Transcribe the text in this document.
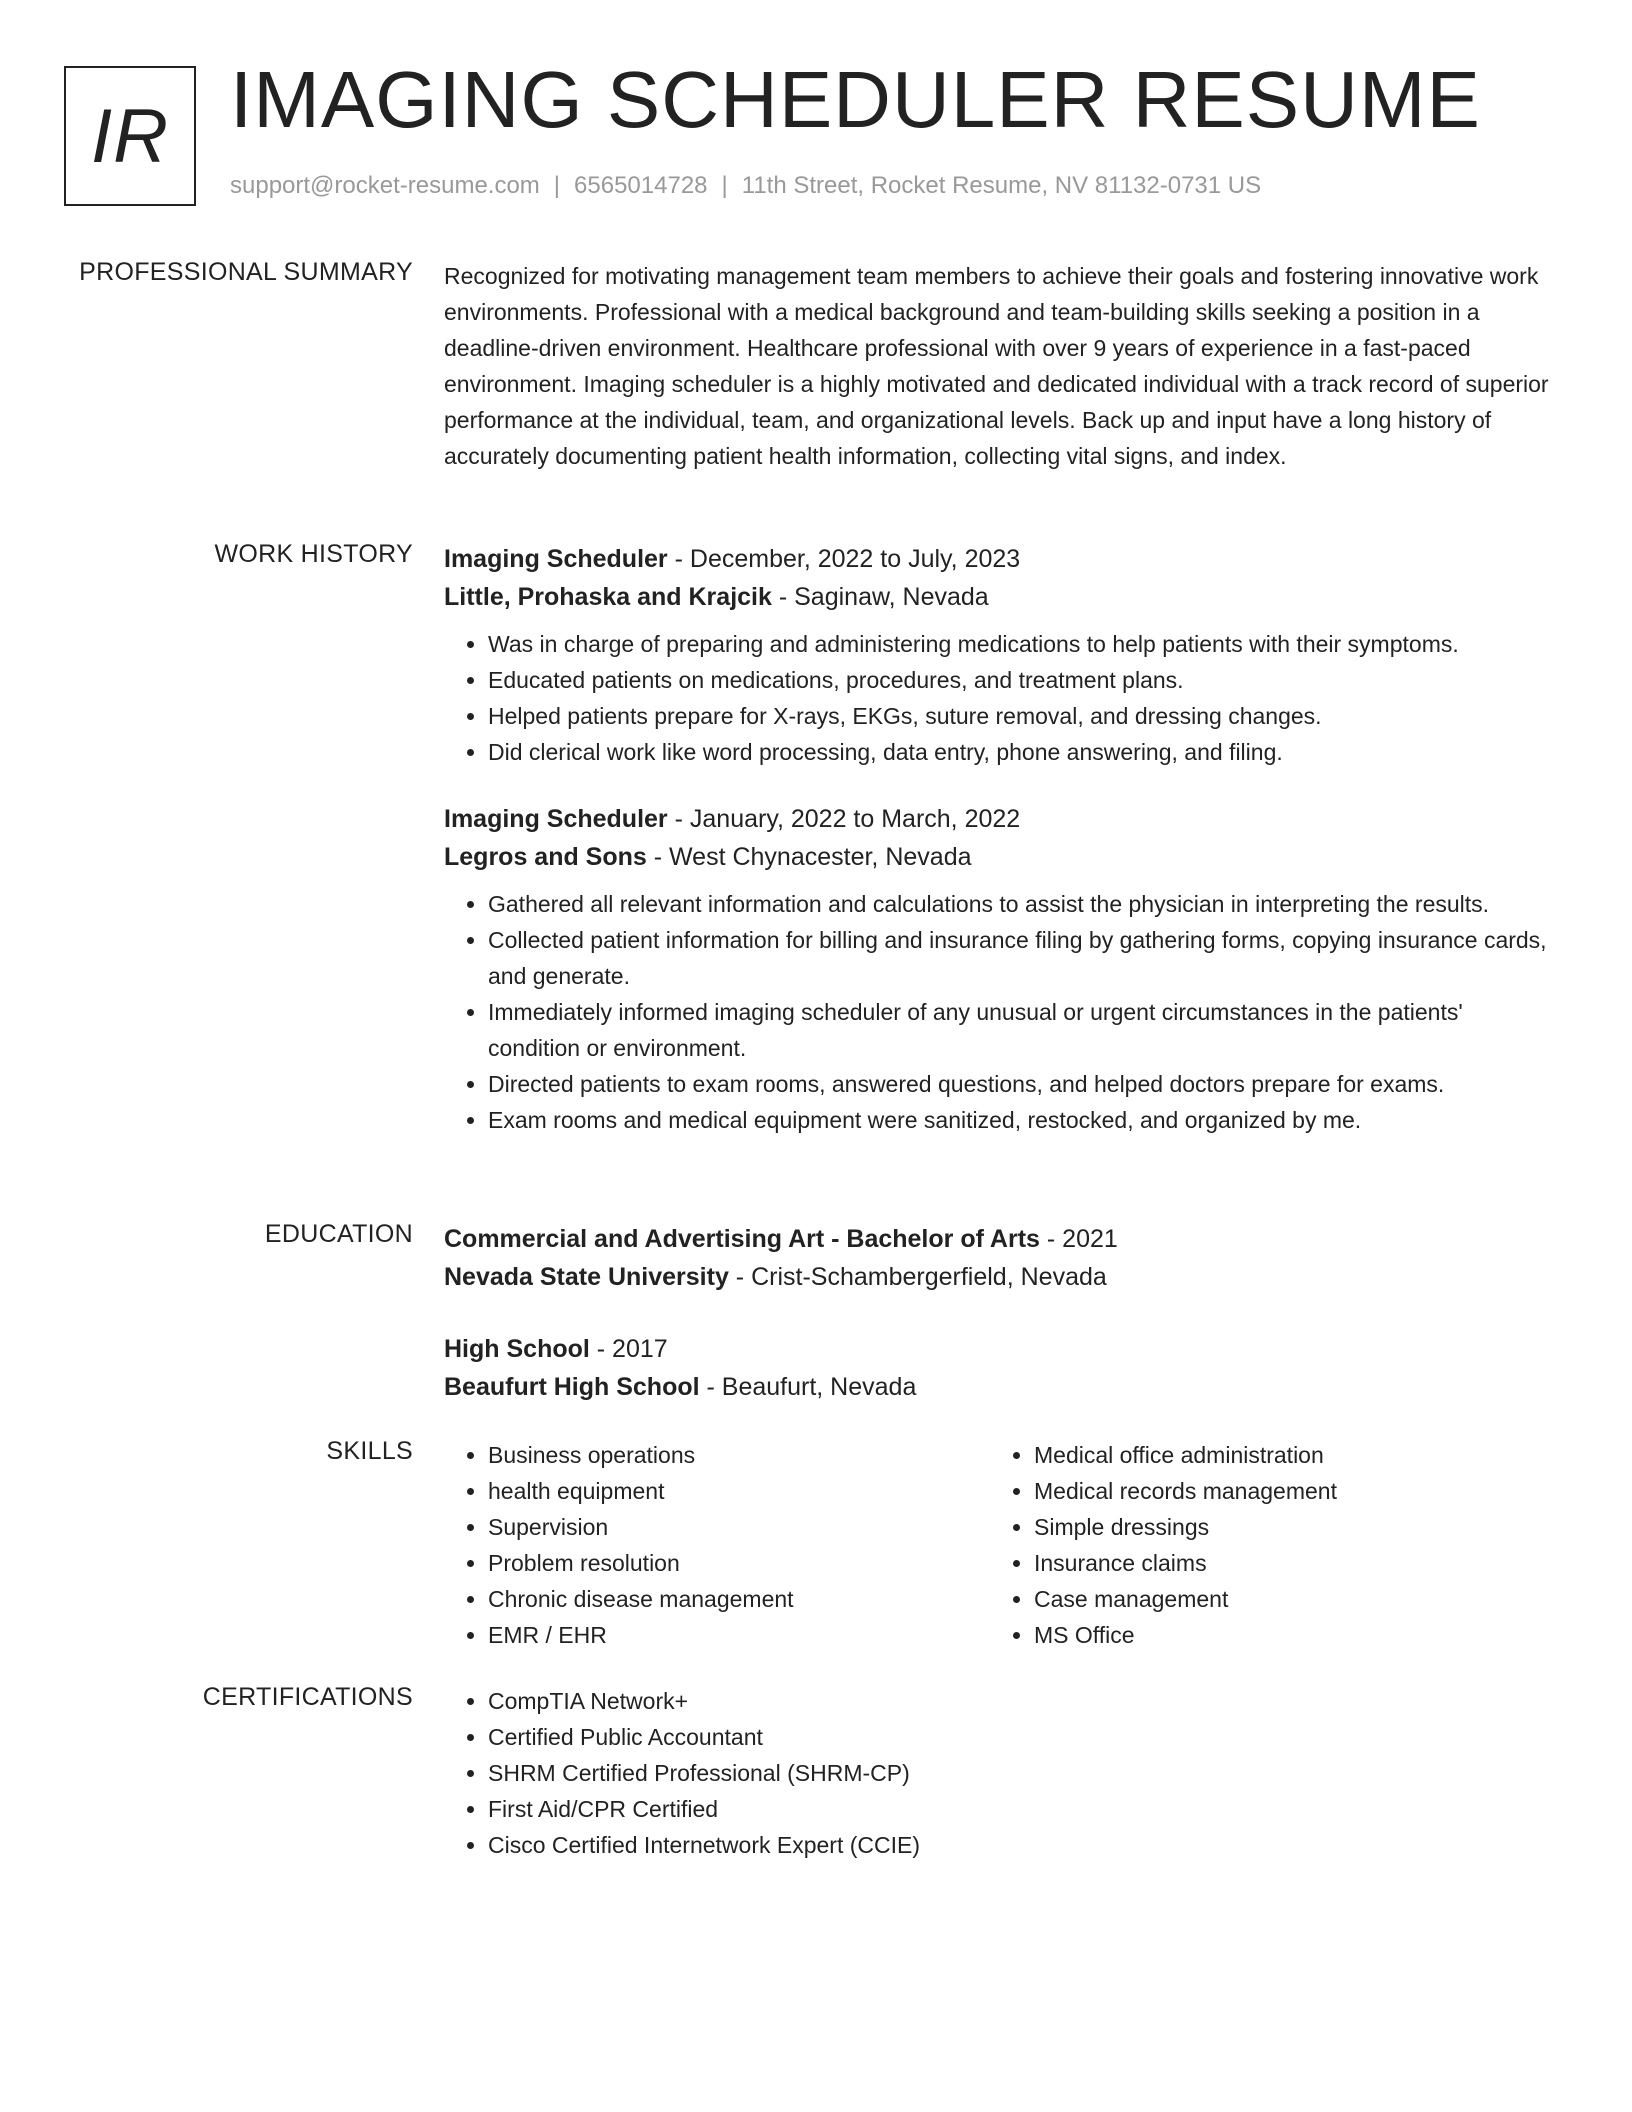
IR IMAGING SCHEDULER RESUME
support@rocket-resume.com | 6565014728 | 11th Street, Rocket Resume, NV 81132-0731 US
PROFESSIONAL SUMMARY Recognized for motivating management team members to achieve their goals and fostering innovative work environments. Professional with a medical background and team-building skills seeking a position in a deadline-driven environment. Healthcare professional with over 9 years of experience in a fast-paced environment. Imaging scheduler is a highly motivated and dedicated individual with a track record of superior performance at the individual, team, and organizational levels. Back up and input have a long history of accurately documenting patient health information, collecting vital signs, and index.

WORK HISTORY Imaging Scheduler - December, 2022 to July, 2023

Little, Prohaska and Krajcik - Saginaw, Nevada

• Was in charge of preparing and administering medications to help patients with their symptoms.
• Educated patients on medications, procedures, and treatment plans.
• Helped patients prepare for X-rays, EKGs, suture removal, and dressing changes.
• Did clerical work like word processing, data entry, phone answering, and filing.

Imaging Scheduler - January, 2022 to March, 2022

Legros and Sons - West Chynacester, Nevada

• Gathered all relevant information and calculations to assist the physician in interpreting the results.
• Collected patient information for billing and insurance filing by gathering forms, copying insurance cards, and generate.
• Immediately informed imaging scheduler of any unusual or urgent circumstances in the patients' condition or environment.
• Directed patients to exam rooms, answered questions, and helped doctors prepare for exams.
• Exam rooms and medical equipment were sanitized, restocked, and organized by me.
EDUCATION Commercial and Advertising Art - Bachelor of Arts - 2021

Nevada State University - Crist-Schambergerfield, Nevada

High School - 2017

Beaufurt High School - Beaufurt, Nevada

SKILLS	• Business operations
• health equipment
• Supervision
• Problem resolution
• Chronic disease management
• EMR / EHR
• Medical office administration
• Medical records management
• Simple dressings
• Insurance claims
• Case management
• MS Office
CERTIFICATIONS	• CompTIA Network+
• Certified Public Accountant
• SHRM Certified Professional (SHRM-CP)
• First Aid/CPR Certified
• Cisco Certified Internetwork Expert (CCIE)
